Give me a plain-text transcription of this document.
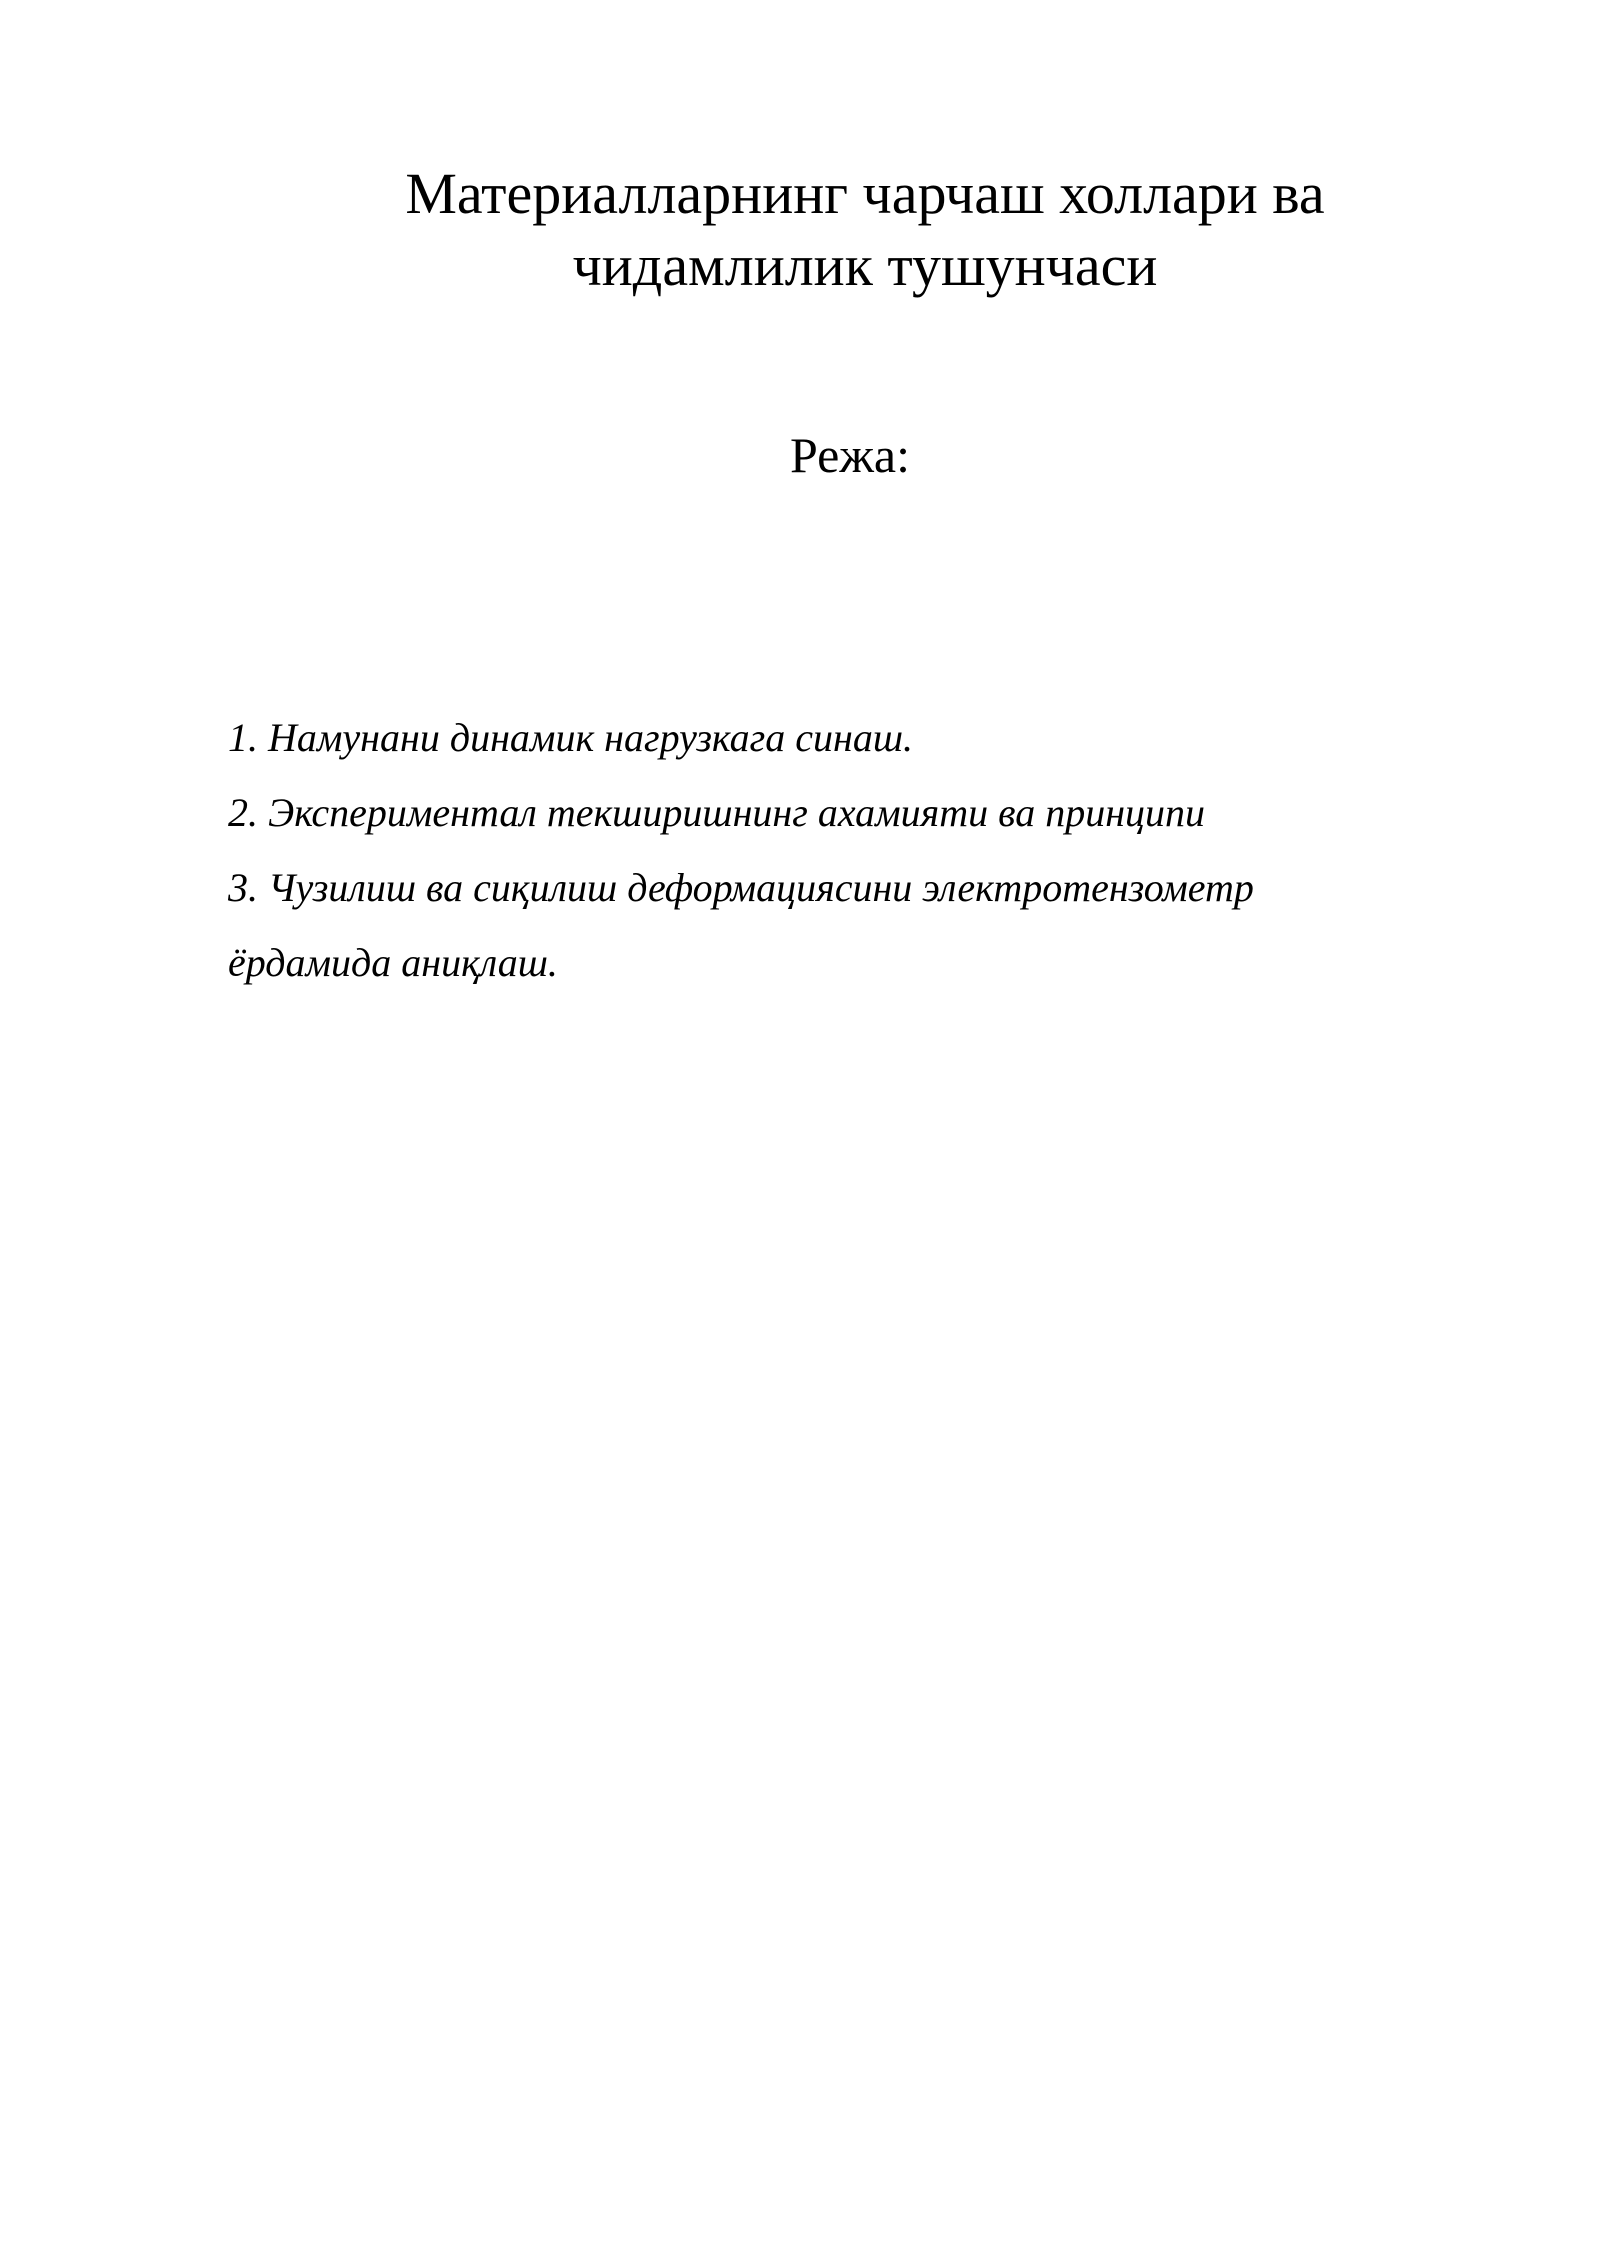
Материалларнинг чарчаш холлари ва
чидамлилик тушунчаси

Режа:

1. Намунани динамик нагрузкага синаш.
2. Экспериментал текширишнинг ахамияти ва принципи
3. Чузилиш ва сиқилиш деформациясини электротензометр
ёрдамида аниқлаш.
